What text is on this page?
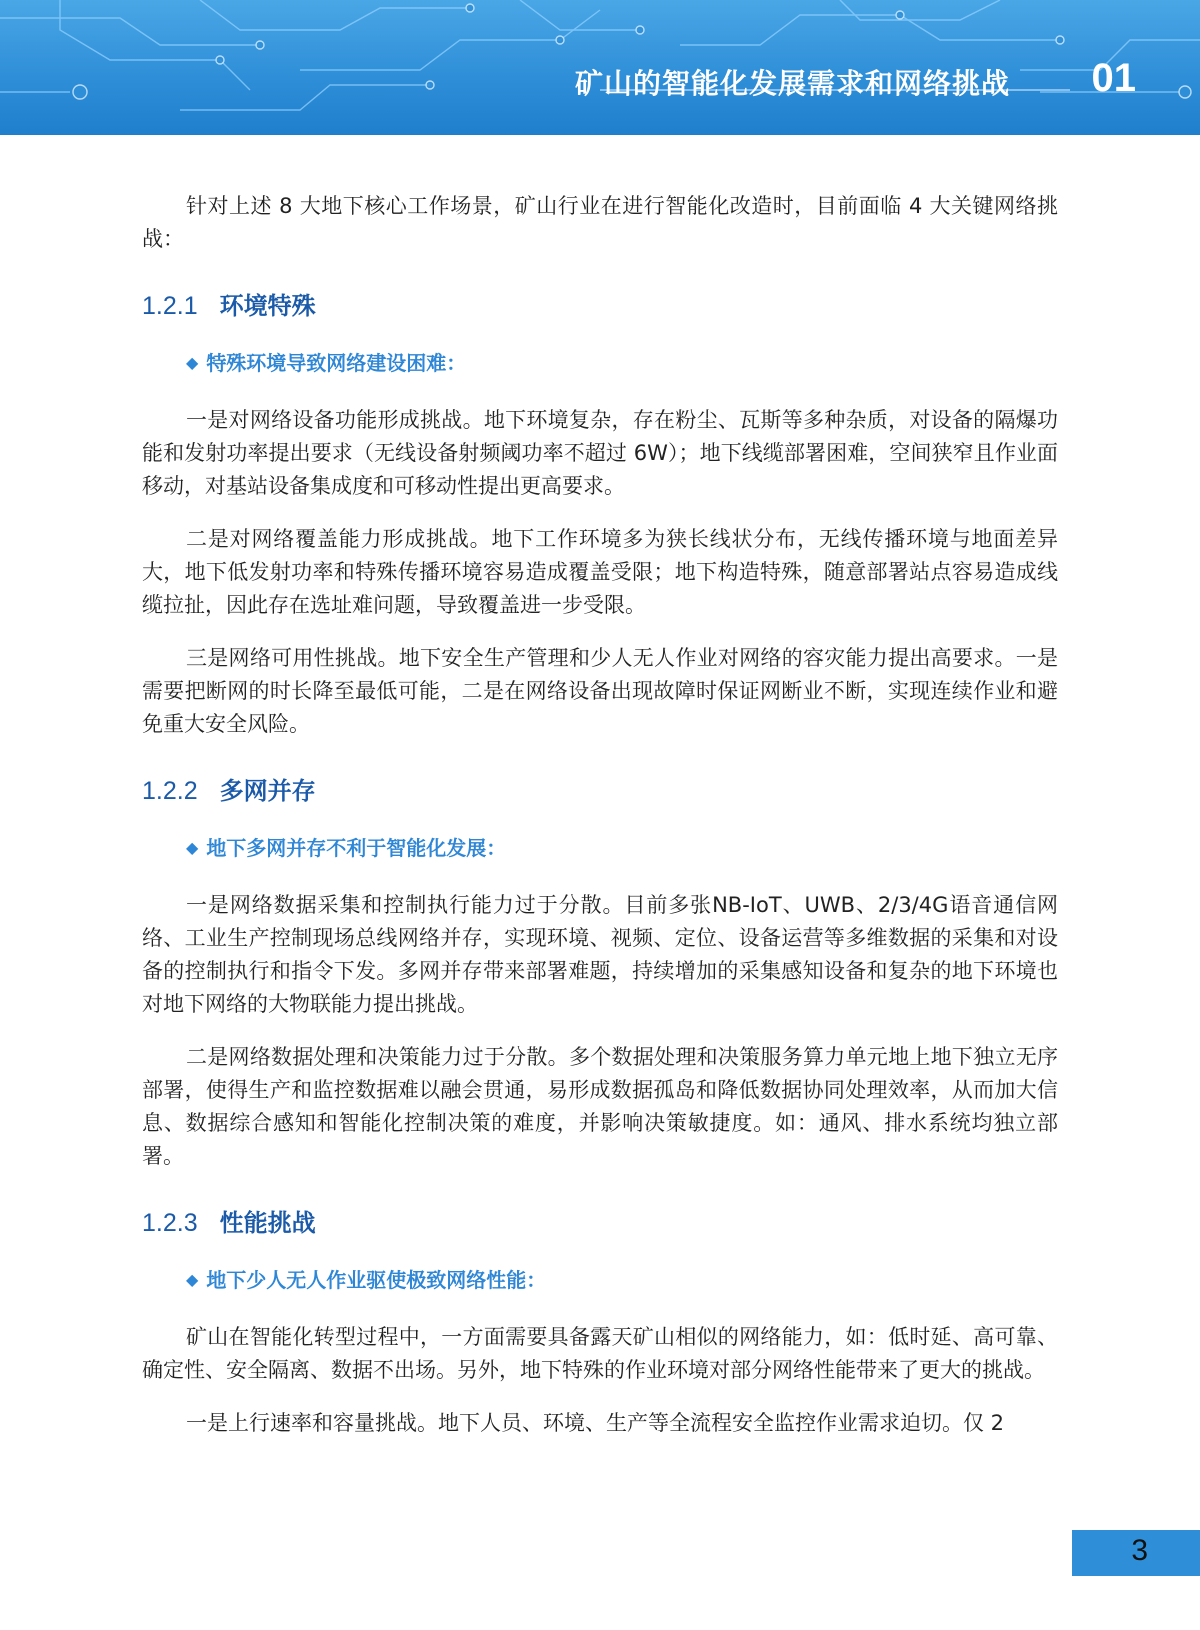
矿山的智能化发展需求和网络挑战 01

针对上述 8 大地下核心工作场景，矿山行业在进行智能化改造时，目前面临 4 大关键网络挑战：

1.2.1 环境特殊
◆ 特殊环境导致网络建设困难：

一是对网络设备功能形成挑战。地下环境复杂，存在粉尘、瓦斯等多种杂质，对设备的隔爆功能和发射功率提出要求（无线设备射频阈功率不超过 6W）；地下线缆部署困难，空间狭窄且作业面移动，对基站设备集成度和可移动性提出更高要求。

二是对网络覆盖能力形成挑战。地下工作环境多为狭长线状分布，无线传播环境与地面差异大，地下低发射功率和特殊传播环境容易造成覆盖受限；地下构造特殊，随意部署站点容易造成线缆拉扯，因此存在选址难问题，导致覆盖进一步受限。

三是网络可用性挑战。地下安全生产管理和少人无人作业对网络的容灾能力提出高要求。一是需要把断网的时长降至最低可能，二是在网络设备出现故障时保证网断业不断，实现连续作业和避免重大安全风险。

1.2.2 多网并存
◆ 地下多网并存不利于智能化发展：

一是网络数据采集和控制执行能力过于分散。目前多张NB-IoT、UWB、2/3/4G语音通信网络、工业生产控制现场总线网络并存，实现环境、视频、定位、设备运营等多维数据的采集和对设备的控制执行和指令下发。多网并存带来部署难题，持续增加的采集感知设备和复杂的地下环境也对地下网络的大物联能力提出挑战。

二是网络数据处理和决策能力过于分散。多个数据处理和决策服务算力单元地上地下独立无序部署，使得生产和监控数据难以融会贯通，易形成数据孤岛和降低数据协同处理效率，从而加大信息、数据综合感知和智能化控制决策的难度，并影响决策敏捷度。如：通风、排水系统均独立部署。

1.2.3 性能挑战
◆ 地下少人无人作业驱使极致网络性能：

矿山在智能化转型过程中，一方面需要具备露天矿山相似的网络能力，如：低时延、高可靠、确定性、安全隔离、数据不出场。另外，地下特殊的作业环境对部分网络性能带来了更大的挑战。

一是上行速率和容量挑战。地下人员、环境、生产等全流程安全监控作业需求迫切。仅 2

3
